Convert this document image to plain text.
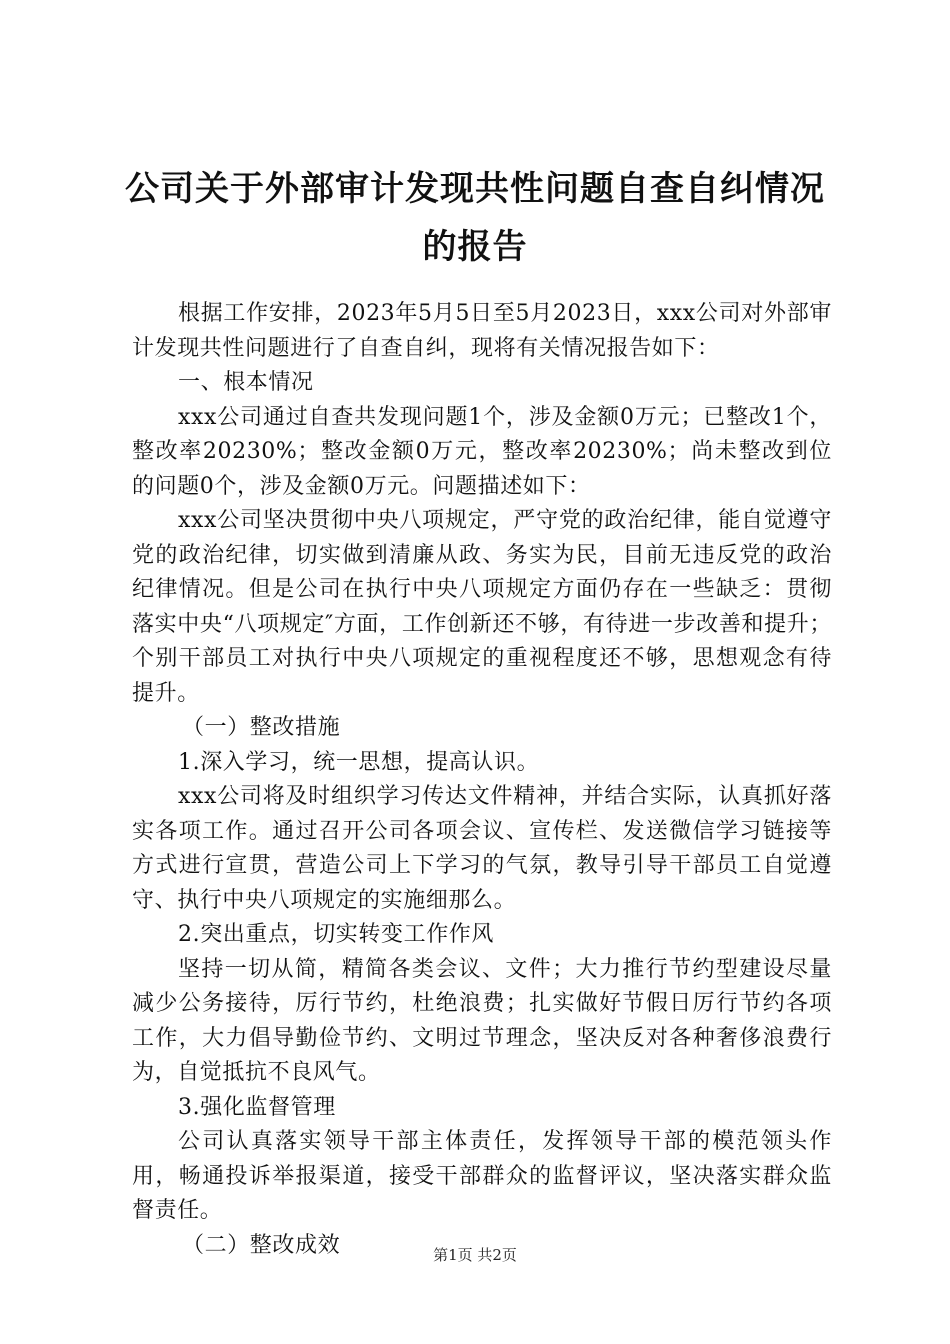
公司关于外部审计发现共性问题自查自纠情况的报告

根据工作安排，2023年5月5日至5月2023日，xxx公司对外部审计发现共性问题进行了自查自纠，现将有关情况报告如下：

一、根本情况

xxx公司通过自查共发现问题1个，涉及金额0万元；已整改1个，整改率20230%；整改金额0万元，整改率20230%；尚未整改到位的问题0个，涉及金额0万元。问题描述如下：

xxx公司坚决贯彻中央八项规定，严守党的政治纪律，能自觉遵守党的政治纪律，切实做到清廉从政、务实为民，目前无违反党的政治纪律情况。但是公司在执行中央八项规定方面仍存在一些缺乏：贯彻落实中央“八项规定″方面，工作创新还不够，有待进一步改善和提升；个别干部员工对执行中央八项规定的重视程度还不够，思想观念有待提升。

（一）整改措施

1.深入学习，统一思想，提高认识。

xxx公司将及时组织学习传达文件精神，并结合实际，认真抓好落实各项工作。通过召开公司各项会议、宣传栏、发送微信学习链接等方式进行宣贯，营造公司上下学习的气氛，教导引导干部员工自觉遵守、执行中央八项规定的实施细那么。

2.突出重点，切实转变工作作风

坚持一切从简，精简各类会议、文件；大力推行节约型建设尽量减少公务接待，厉行节约，杜绝浪费；扎实做好节假日厉行节约各项工作，大力倡导勤俭节约、文明过节理念，坚决反对各种奢侈浪费行为，自觉抵抗不良风气。

3.强化监督管理

公司认真落实领导干部主体责任，发挥领导干部的模范领头作用，畅通投诉举报渠道，接受干部群众的监督评议，坚决落实群众监督责任。

（二）整改成效	第1页 共2页
